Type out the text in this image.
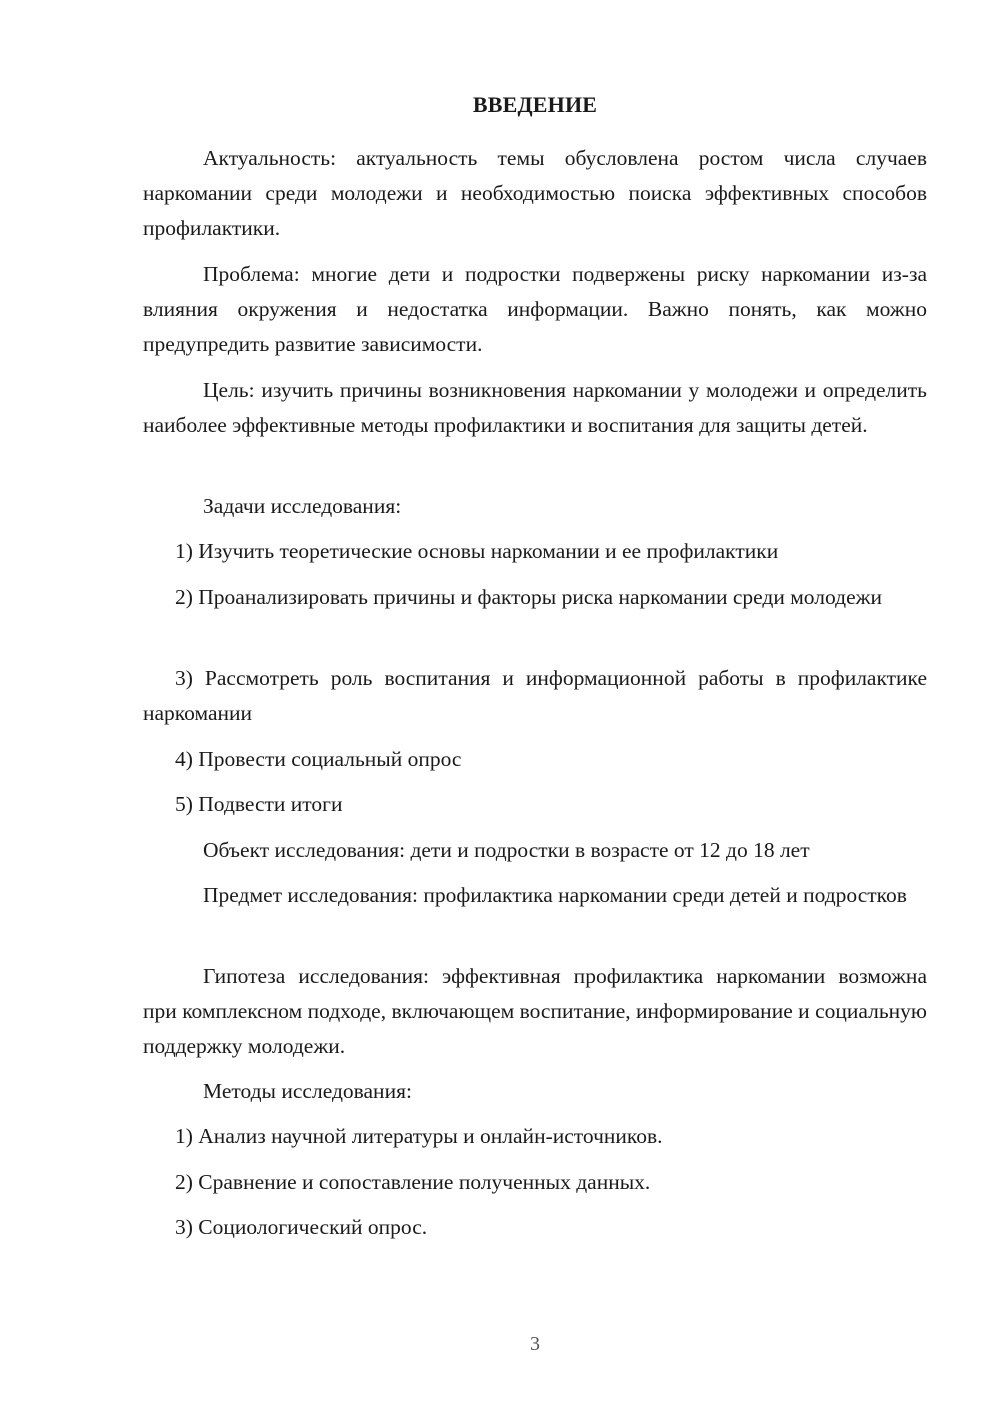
ВВЕДЕНИЕ

Актуальность: актуальность темы обусловлена ростом числа случаев наркомании среди молодежи и необходимостью поиска эффективных способов профилактики.

Проблема: многие дети и подростки подвержены риску наркомании из-за влияния окружения и недостатка информации. Важно понять, как можно предупредить развитие зависимости.

Цель: изучить причины возникновения наркомании у молодежи и определить наиболее эффективные методы профилактики и воспитания для защиты детей.

Задачи исследования:

1) Изучить теоретические основы наркомании и ее профилактики

2) Проанализировать причины и факторы риска наркомании среди молодежи

3) Рассмотреть роль воспитания и информационной работы в профилактике наркомании

4) Провести социальный опрос

5) Подвести итоги

Объект исследования: дети и подростки в возрасте от 12 до 18 лет

Предмет исследования: профилактика наркомании среди детей и подростков

Гипотеза исследования: эффективная профилактика наркомании возможна при комплексном подходе, включающем воспитание, информирование и социальную поддержку молодежи.

Методы исследования:

1) Анализ научной литературы и онлайн-источников.

2) Сравнение и сопоставление полученных данных.

3) Социологический опрос.

3
